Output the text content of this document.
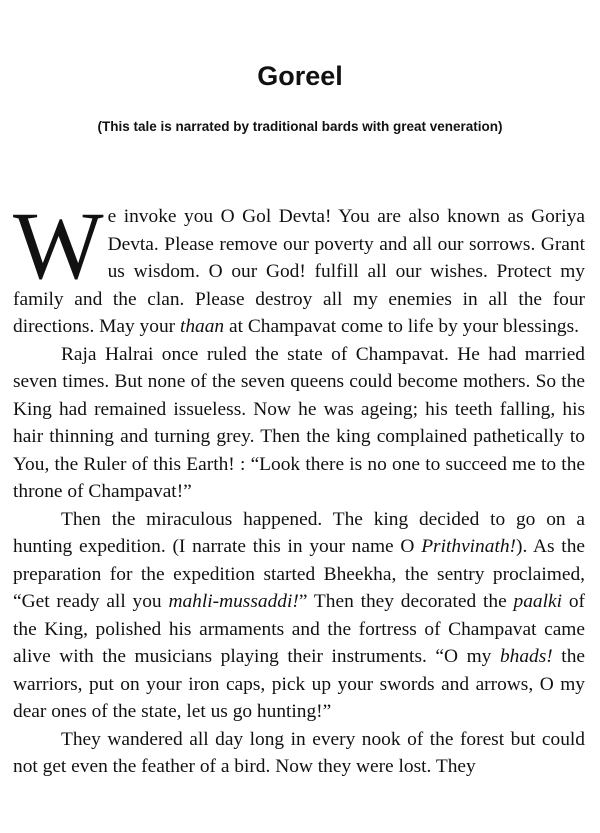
Goreel
(This tale is narrated by traditional bards with great veneration)

We invoke you O Gol Devta! You are also known as Goriya Devta. Please remove our poverty and all our sorrows. Grant us wisdom. O our God! fulfill all our wishes. Protect my family and the clan. Please destroy all my enemies in all the four directions. May your thaan at Champavat come to life by your blessings.

Raja Halrai once ruled the state of Champavat. He had married seven times. But none of the seven queens could become mothers. So the King had remained issueless. Now he was ageing; his teeth falling, his hair thinning and turning grey. Then the king complained pathetically to You, the Ruler of this Earth! : “Look there is no one to succeed me to the throne of Champavat!”

Then the miraculous happened. The king decided to go on a hunting expedition. (I narrate this in your name O Prithvinath!). As the preparation for the expedition started Bheekha, the sentry proclaimed, “Get ready all you mahli-mussaddi!” Then they decorated the paalki of the King, polished his armaments and the fortress of Champavat came alive with the musicians playing their instruments. “O my bhads! the warriors, put on your iron caps, pick up your swords and arrows, O my dear ones of the state, let us go hunting!”

They wandered all day long in every nook of the forest but could not get even the feather of a bird. Now they were lost. They
